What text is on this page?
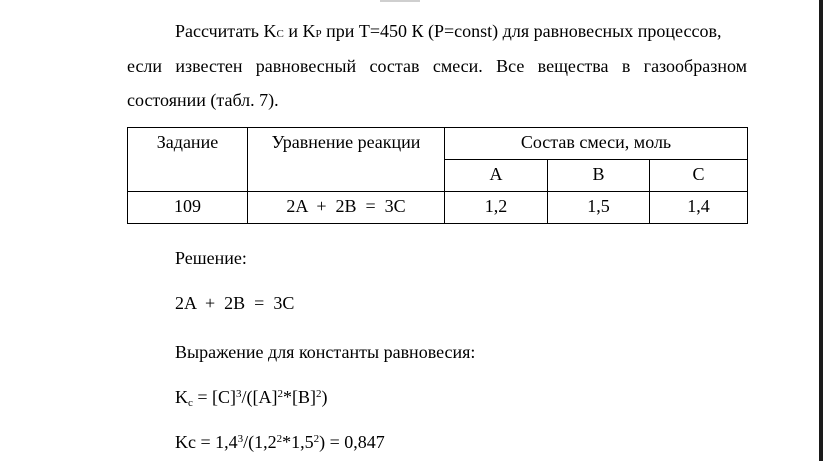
Рассчитать KC и KP при Т=450 К (P=const) для равновесных процессов,
если известен равновесный состав смеси. Все вещества в газообразном
состоянии (табл. 7).
Задание	Уравнение реакции	Состав смеси, моль		
		A	B	C
109	2A  +  2B  =  3C	1,2	1,5	1,4
Решение:
2A  +  2B  =  3C
Выражение для константы равновесия:
$K_c = [C]^3/([A]^2*[B]^2)$
$Kc = 1,4^3/(1,2^2*1,5^2) = 0,847$
